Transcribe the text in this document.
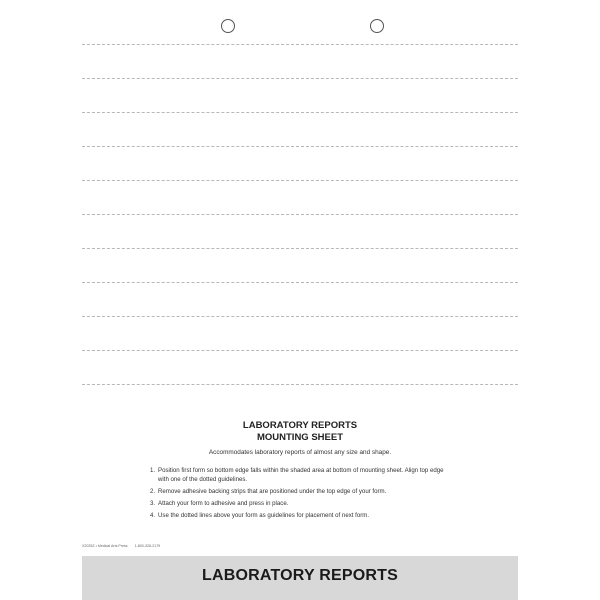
LABORATORY REPORTS
MOUNTING SHEET
Accommodates laboratory reports of almost any size and shape.
1. Position first form so bottom edge falls within the shaded area at bottom of mounting sheet. Align top edge with one of the dotted guidelines.
2. Remove adhesive backing strips that are positioned under the top edge of your form.
3. Attach your form to adhesive and press in place.
4. Use the dotted lines above your form as guidelines for placement of next form.
X2025Z • Medical Arts Press 1-800-328-2179
LABORATORY REPORTS
